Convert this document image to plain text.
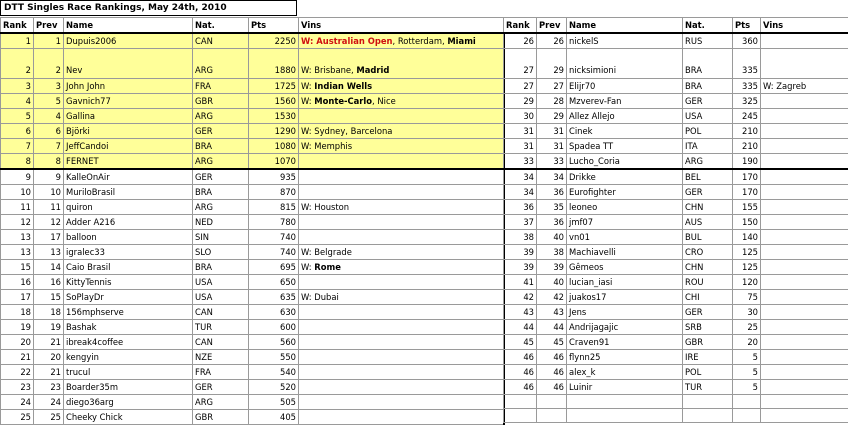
DTT Singles Race Rankings, May 24th, 2010
Rank	Prev	Name	Nat.	Pts	Vins
1	1	Dupuis2006	CAN	2250	W: Australian Open, Rotterdam, Miami
2	2	Nev	ARG	1880	W: Brisbane, Madrid
3	3	John John	FRA	1725	W: Indian Wells
4	5	Gavnich77	GBR	1560	W: Monte-Carlo, Nice
5	4	Gallina	ARG	1530	
6	6	Björki	GER	1290	W: Sydney, Barcelona
7	7	JeffCandoi	BRA	1080	W: Memphis
8	8	FERNET	ARG	1070	
9	9	KalleOnAir	GER	935	
10	10	MuriloBrasil	BRA	870	
11	11	quiron	ARG	815	W: Houston
12	12	Adder A216	NED	780	
13	17	balloon	SIN	740	
13	13	igralec33	SLO	740	W: Belgrade
15	14	Caio Brasil	BRA	695	W: Rome
16	16	KittyTennis	USA	650	
17	15	SoPlayDr	USA	635	W: Dubai
18	18	156mphserve	CAN	630	
19	19	Bashak	TUR	600	
20	21	ibreak4coffee	CAN	560	
21	20	kengyin	NZE	550	
22	21	trucul	FRA	540	
23	23	Boarder35m	GER	520	
24	24	diego36arg	ARG	505	
25	25	Cheeky Chick	GBR	405	
Rank	Prev	Name	Nat.	Pts	Vins
26	26	nickelS	RUS	360	
27	29	nicksimioni	BRA	335	
27	27	Elijr70	BRA	335	W: Zagreb
29	28	Mzverev-Fan	GER	325	
30	29	Allez Allejo	USA	245	
31	31	Cinek	POL	210	
31	31	Spadea TT	ITA	210	
33	33	Lucho_Coria	ARG	190	
34	34	Drikke	BEL	170	
34	36	Eurofighter	GER	170	
36	35	leoneo	CHN	155	
37	36	jmf07	AUS	150	
38	40	vn01	BUL	140	
39	38	Machiavelli	CRO	125	
39	39	Gêmeos	CHN	125	
41	40	lucian_iasi	ROU	120	
42	42	juakos17	CHI	75	
43	43	Jens	GER	30	
44	44	Andrijagajic	SRB	25	
45	45	Craven91	GBR	20	
46	46	flynn25	IRE	5	
46	46	alex_k	POL	5	
46	46	Luinir	TUR	5	
